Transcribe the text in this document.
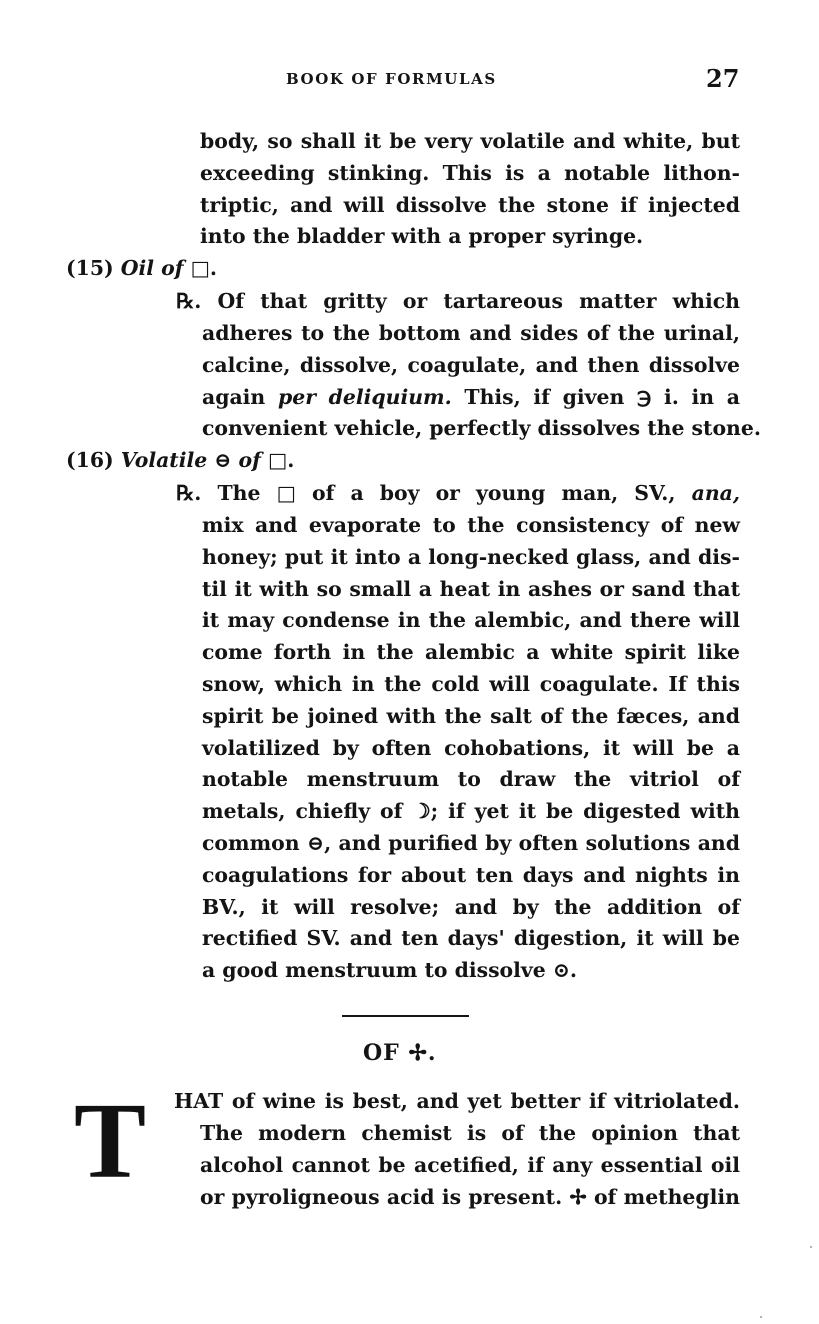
BOOK OF FORMULAS	27
body, so shall it be very volatile and white, but
exceeding stinking. This is a notable lithon-
triptic, and will dissolve the stone if injected
into the bladder with a proper syringe.
(15) Oil of □.
℞. Of that gritty or tartareous matter which
adheres to the bottom and sides of the urinal,
calcine, dissolve, coagulate, and then dissolve
again per deliquium. This, if given ℈ i. in a
convenient vehicle, perfectly dissolves the stone.
(16) Volatile ⊖ of □.
℞. The □ of a boy or young man, SV., ana,
mix and evaporate to the consistency of new
honey; put it into a long-necked glass, and dis-
til it with so small a heat in ashes or sand that
it may condense in the alembic, and there will
come forth in the alembic a white spirit like
snow, which in the cold will coagulate. If this
spirit be joined with the salt of the fæces, and
volatilized by often cohobations, it will be a
notable menstruum to draw the vitriol of
metals, chiefly of ☽; if yet it be digested with
common ⊖, and purified by often solutions and
coagulations for about ten days and nights in
BV., it will resolve; and by the addition of
rectified SV. and ten days' digestion, it will be
a good menstruum to dissolve ⊙.
OF ✢.
T HAT of wine is best, and yet better if vitriolated.
The modern chemist is of the opinion that
alcohol cannot be acetified, if any essential oil
or pyroligneous acid is present. ✢ of metheglin
